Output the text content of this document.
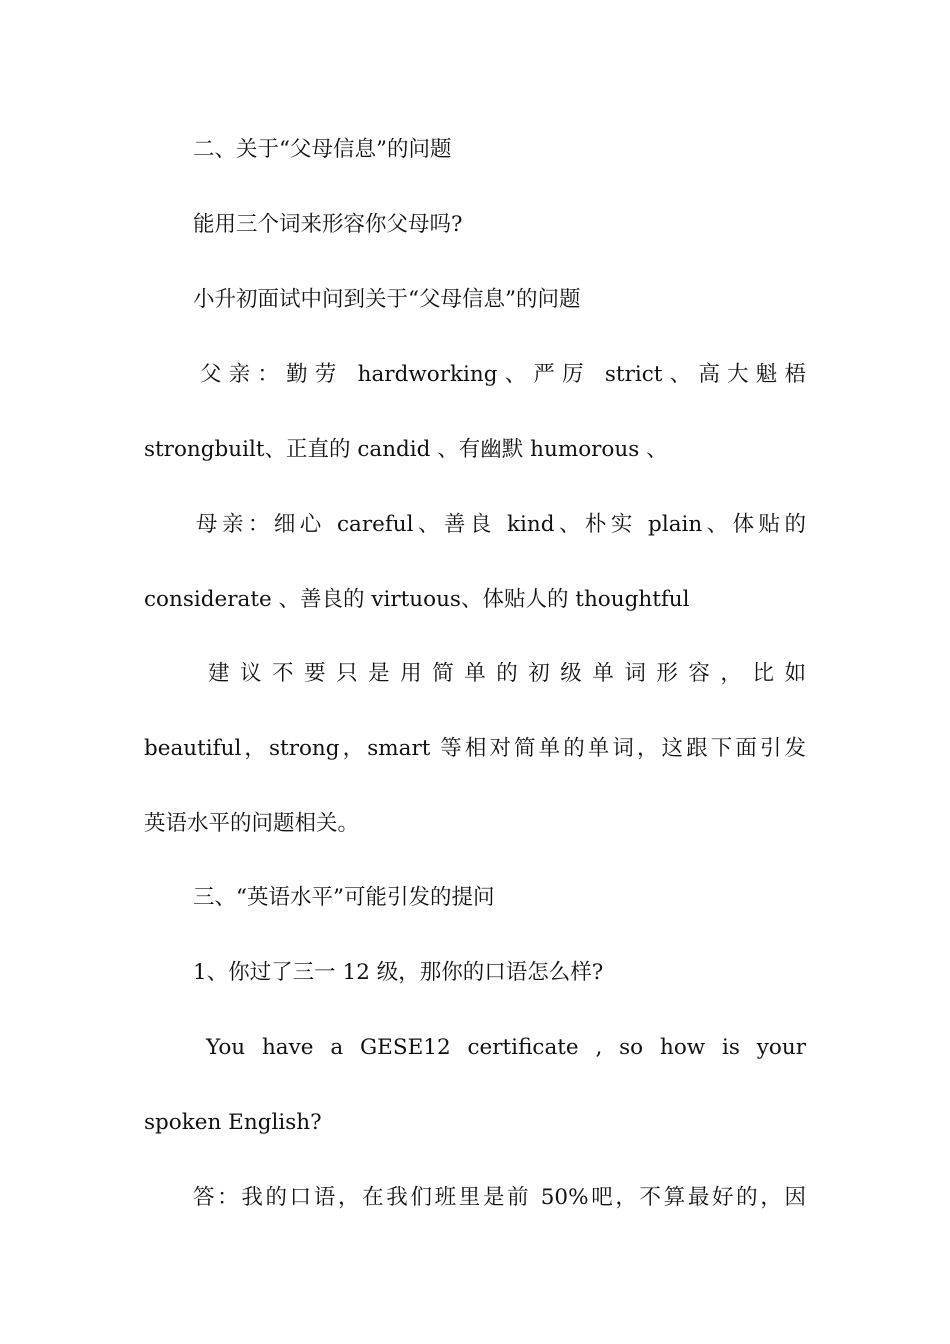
二、关于“父母信息”的问题
能用三个词来形容你父母吗?
小升初面试中问到关于“父母信息”的问题
父亲：勤劳 hardworking、严厉 strict、高大魁梧
strongbuilt、正直的 candid 、有幽默 humorous 、
母亲：细心 careful、善良 kind、朴实 plain、体贴的
considerate 、善良的 virtuous、体贴人的 thoughtful
建议不要只是用简单的初级单词形容，比如
beautiful，strong，smart 等相对简单的单词，这跟下面引发
英语水平的问题相关。
三、“英语水平”可能引发的提问
1、你过了三一 12 级，那你的口语怎么样?
You have a GESE12 certificate , so how is your
spoken English?
答：我的口语，在我们班里是前 50%吧，不算最好的，因
